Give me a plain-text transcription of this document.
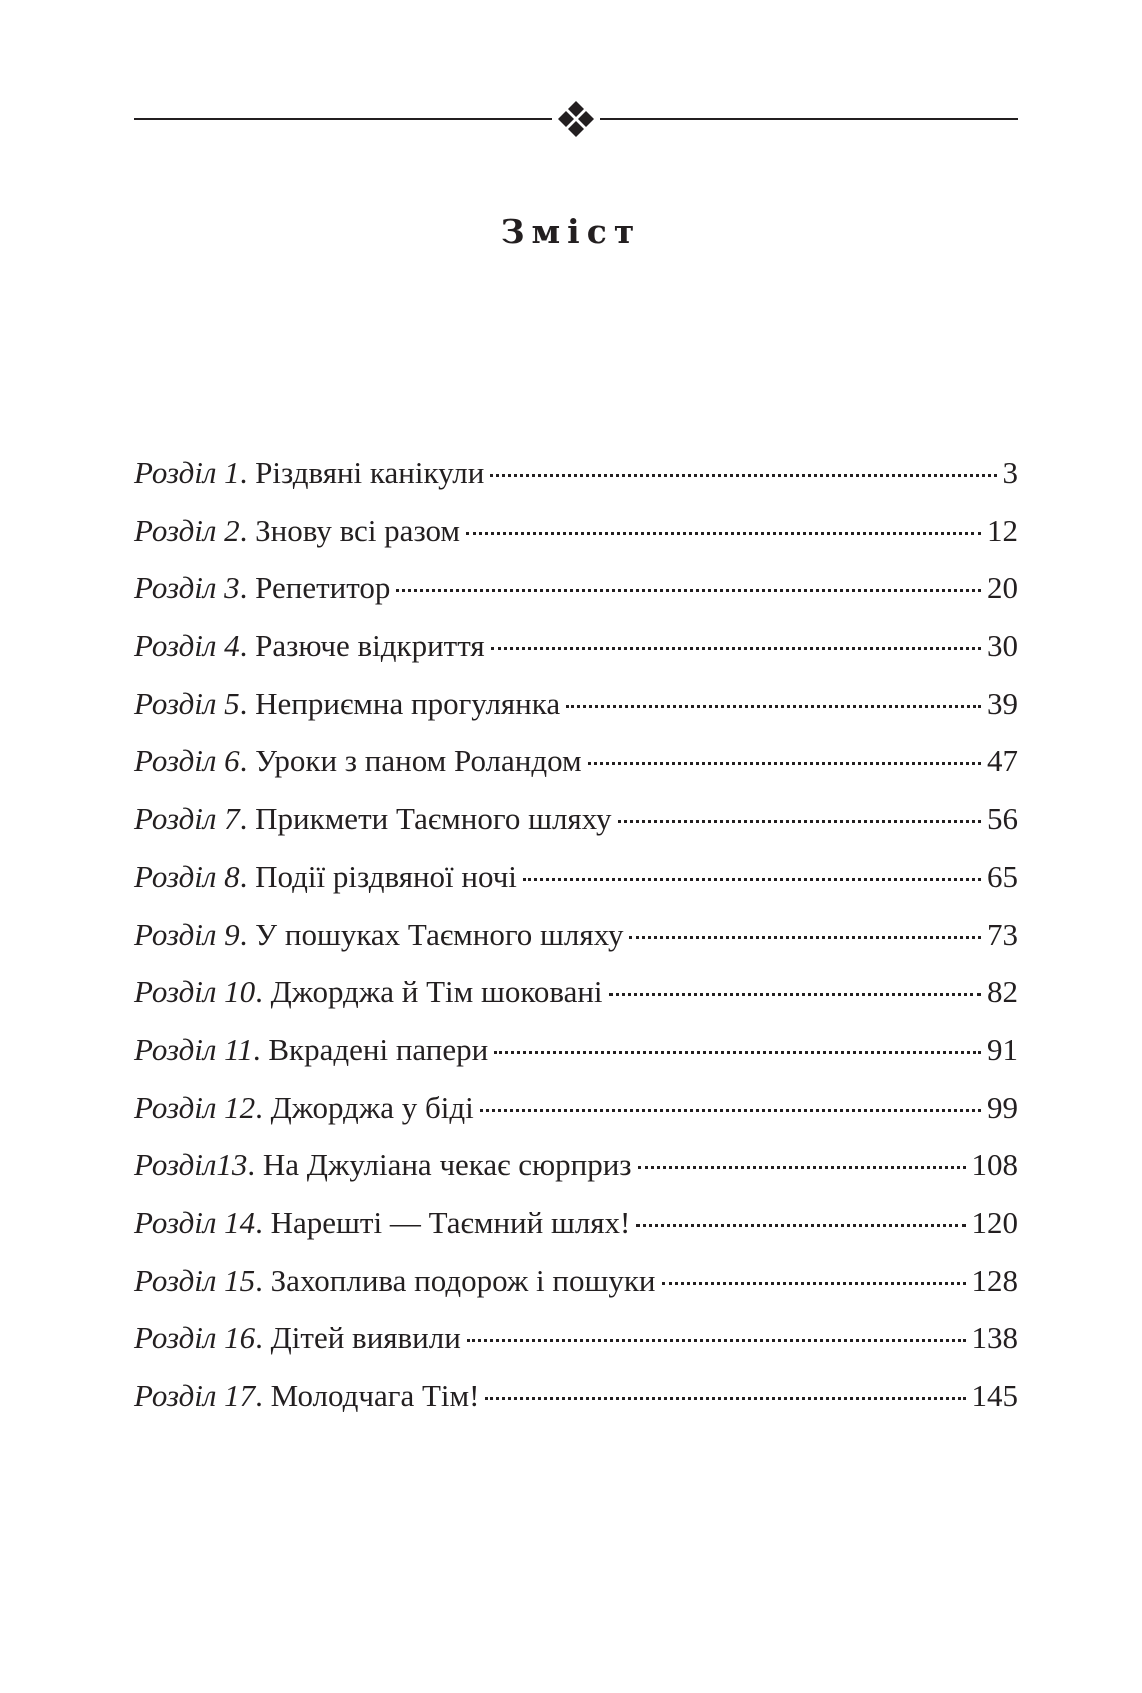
Зміст
Розділ 1 . Різдвяні канікули	3
Розділ 2 . Знову всі разом	12
Розділ 3 . Репетитор	20
Розділ 4 . Разюче відкриття	30
Розділ 5 . Неприємна прогулянка	39
Розділ 6 . Уроки з паном Роландом	47
Розділ 7 . Прикмети Таємного шляху	56
Розділ 8 . Події різдвяної ночі	65
Розділ 9 . У пошуках Таємного шляху	73
Розділ 10 . Джорджа й Тім шоковані	82
Розділ 11 . Вкрадені папери	91
Розділ 12 . Джорджа у біді	99
Розділ13 . На Джуліана чекає сюрприз	108
Розділ 14 . Нарешті — Таємний шлях!	120
Розділ 15 . Захоплива подорож і пошуки	128
Розділ 16 . Дітей виявили	138
Розділ 17 . Молодчага Тім!	145
